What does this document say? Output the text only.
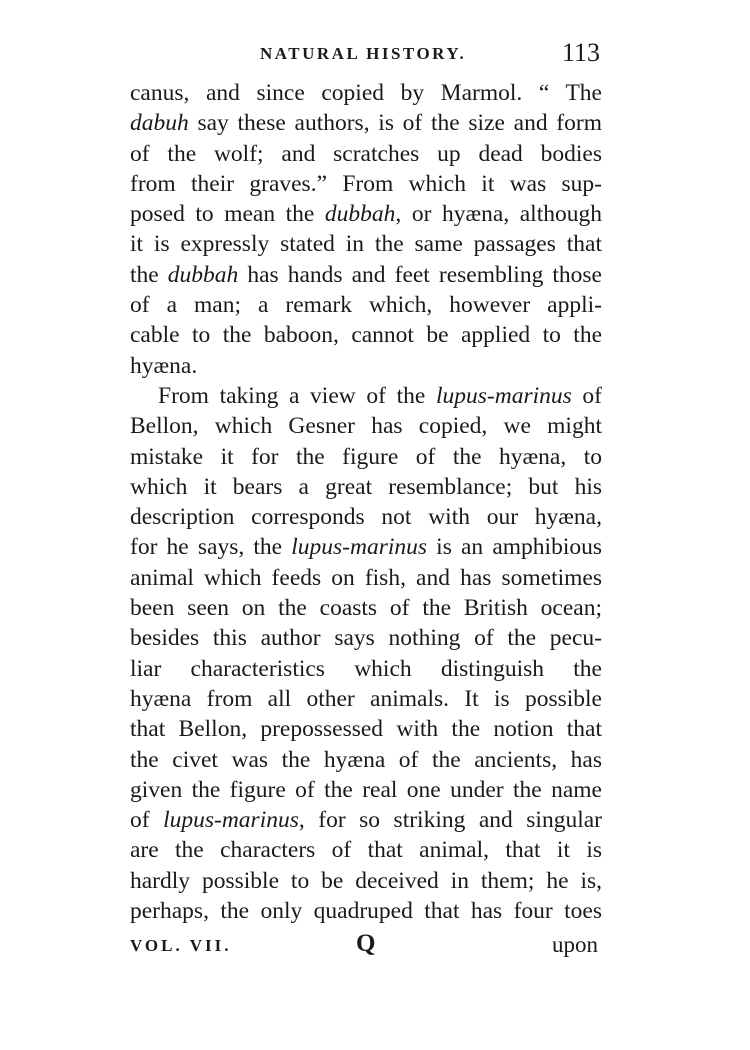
NATURAL HISTORY.	113
canus, and since copied by Marmol. “ The
dabuh say these authors, is of the size and form
of the wolf; and scratches up dead bodies
from their graves.” From which it was sup-
posed to mean the dubbah, or hyæna, although
it is expressly stated in the same passages that
the dubbah has hands and feet resembling those
of a man; a remark which, however appli-
cable to the baboon, cannot be applied to the
hyæna.
From taking a view of the lupus-marinus of
Bellon, which Gesner has copied, we might
mistake it for the figure of the hyæna, to
which it bears a great resemblance; but his
description corresponds not with our hyæna,
for he says, the lupus-marinus is an amphibious
animal which feeds on fish, and has sometimes
been seen on the coasts of the British ocean;
besides this author says nothing of the pecu-
liar characteristics which distinguish the
hyæna from all other animals. It is possible
that Bellon, prepossessed with the notion that
the civet was the hyæna of the ancients, has
given the figure of the real one under the name
of lupus-marinus, for so striking and singular
are the characters of that animal, that it is
hardly possible to be deceived in them; he is,
perhaps, the only quadruped that has four toes
VOL. VII.	Q	upon
